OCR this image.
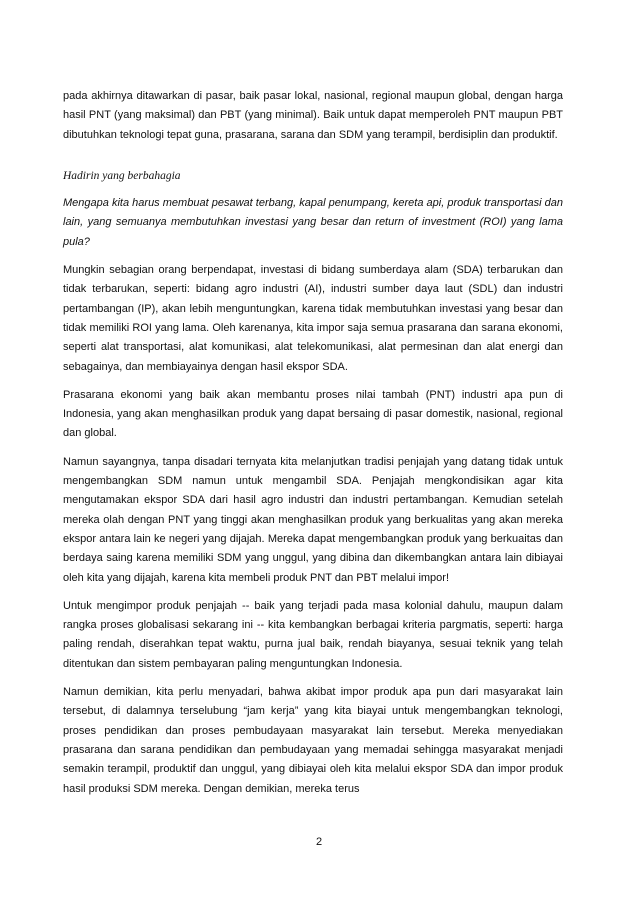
pada akhirnya ditawarkan di pasar, baik pasar lokal, nasional, regional maupun global, dengan harga hasil PNT (yang maksimal) dan PBT (yang minimal). Baik untuk dapat memperoleh PNT maupun PBT dibutuhkan teknologi tepat guna, prasarana, sarana dan SDM yang terampil, berdisiplin dan produktif.

Hadirin yang berbahagia

Mengapa kita harus membuat pesawat terbang, kapal penumpang, kereta api, produk transportasi dan lain, yang semuanya membutuhkan investasi yang besar dan return of investment (ROI) yang lama pula?

Mungkin sebagian orang berpendapat, investasi di bidang sumberdaya alam (SDA) terbarukan dan tidak terbarukan, seperti: bidang agro industri (AI), industri sumber daya laut (SDL) dan industri pertambangan (IP), akan lebih menguntungkan, karena tidak membutuhkan investasi yang besar dan tidak memiliki ROI yang lama. Oleh karenanya, kita impor saja semua prasarana dan sarana ekonomi, seperti alat transportasi, alat komunikasi, alat telekomunikasi, alat permesinan dan alat energi dan sebagainya, dan membiayainya dengan hasil ekspor SDA.

Prasarana ekonomi yang baik akan membantu proses nilai tambah (PNT) industri apa pun di Indonesia, yang akan menghasilkan produk yang dapat bersaing di pasar domestik, nasional, regional dan global.

Namun sayangnya, tanpa disadari ternyata kita melanjutkan tradisi penjajah yang datang tidak untuk mengembangkan SDM namun untuk mengambil SDA. Penjajah mengkondisikan agar kita mengutamakan ekspor SDA dari hasil agro industri dan industri pertambangan. Kemudian setelah mereka olah dengan PNT yang tinggi akan menghasilkan produk yang berkualitas yang akan mereka ekspor antara lain ke negeri yang dijajah. Mereka dapat mengembangkan produk yang berkuaitas dan berdaya saing karena memiliki SDM yang unggul, yang dibina dan dikembangkan antara lain dibiayai oleh kita yang dijajah, karena kita membeli produk PNT dan PBT melalui impor!

Untuk mengimpor produk penjajah -- baik yang terjadi pada masa kolonial dahulu, maupun dalam rangka proses globalisasi sekarang ini -- kita kembangkan berbagai kriteria pargmatis, seperti: harga paling rendah, diserahkan tepat waktu, purna jual baik, rendah biayanya, sesuai teknik yang telah ditentukan dan sistem pembayaran paling menguntungkan Indonesia.

Namun demikian, kita perlu menyadari, bahwa akibat impor produk apa pun dari masyarakat lain tersebut, di dalamnya terselubung “jam kerja” yang kita biayai untuk mengembangkan teknologi, proses pendidikan dan proses pembudayaan masyarakat lain tersebut. Mereka menyediakan prasarana dan sarana pendidikan dan pembudayaan yang memadai sehingga masyarakat menjadi semakin terampil, produktif dan unggul, yang dibiayai oleh kita melalui ekspor SDA dan impor produk hasil produksi SDM mereka. Dengan demikian, mereka terus

2
